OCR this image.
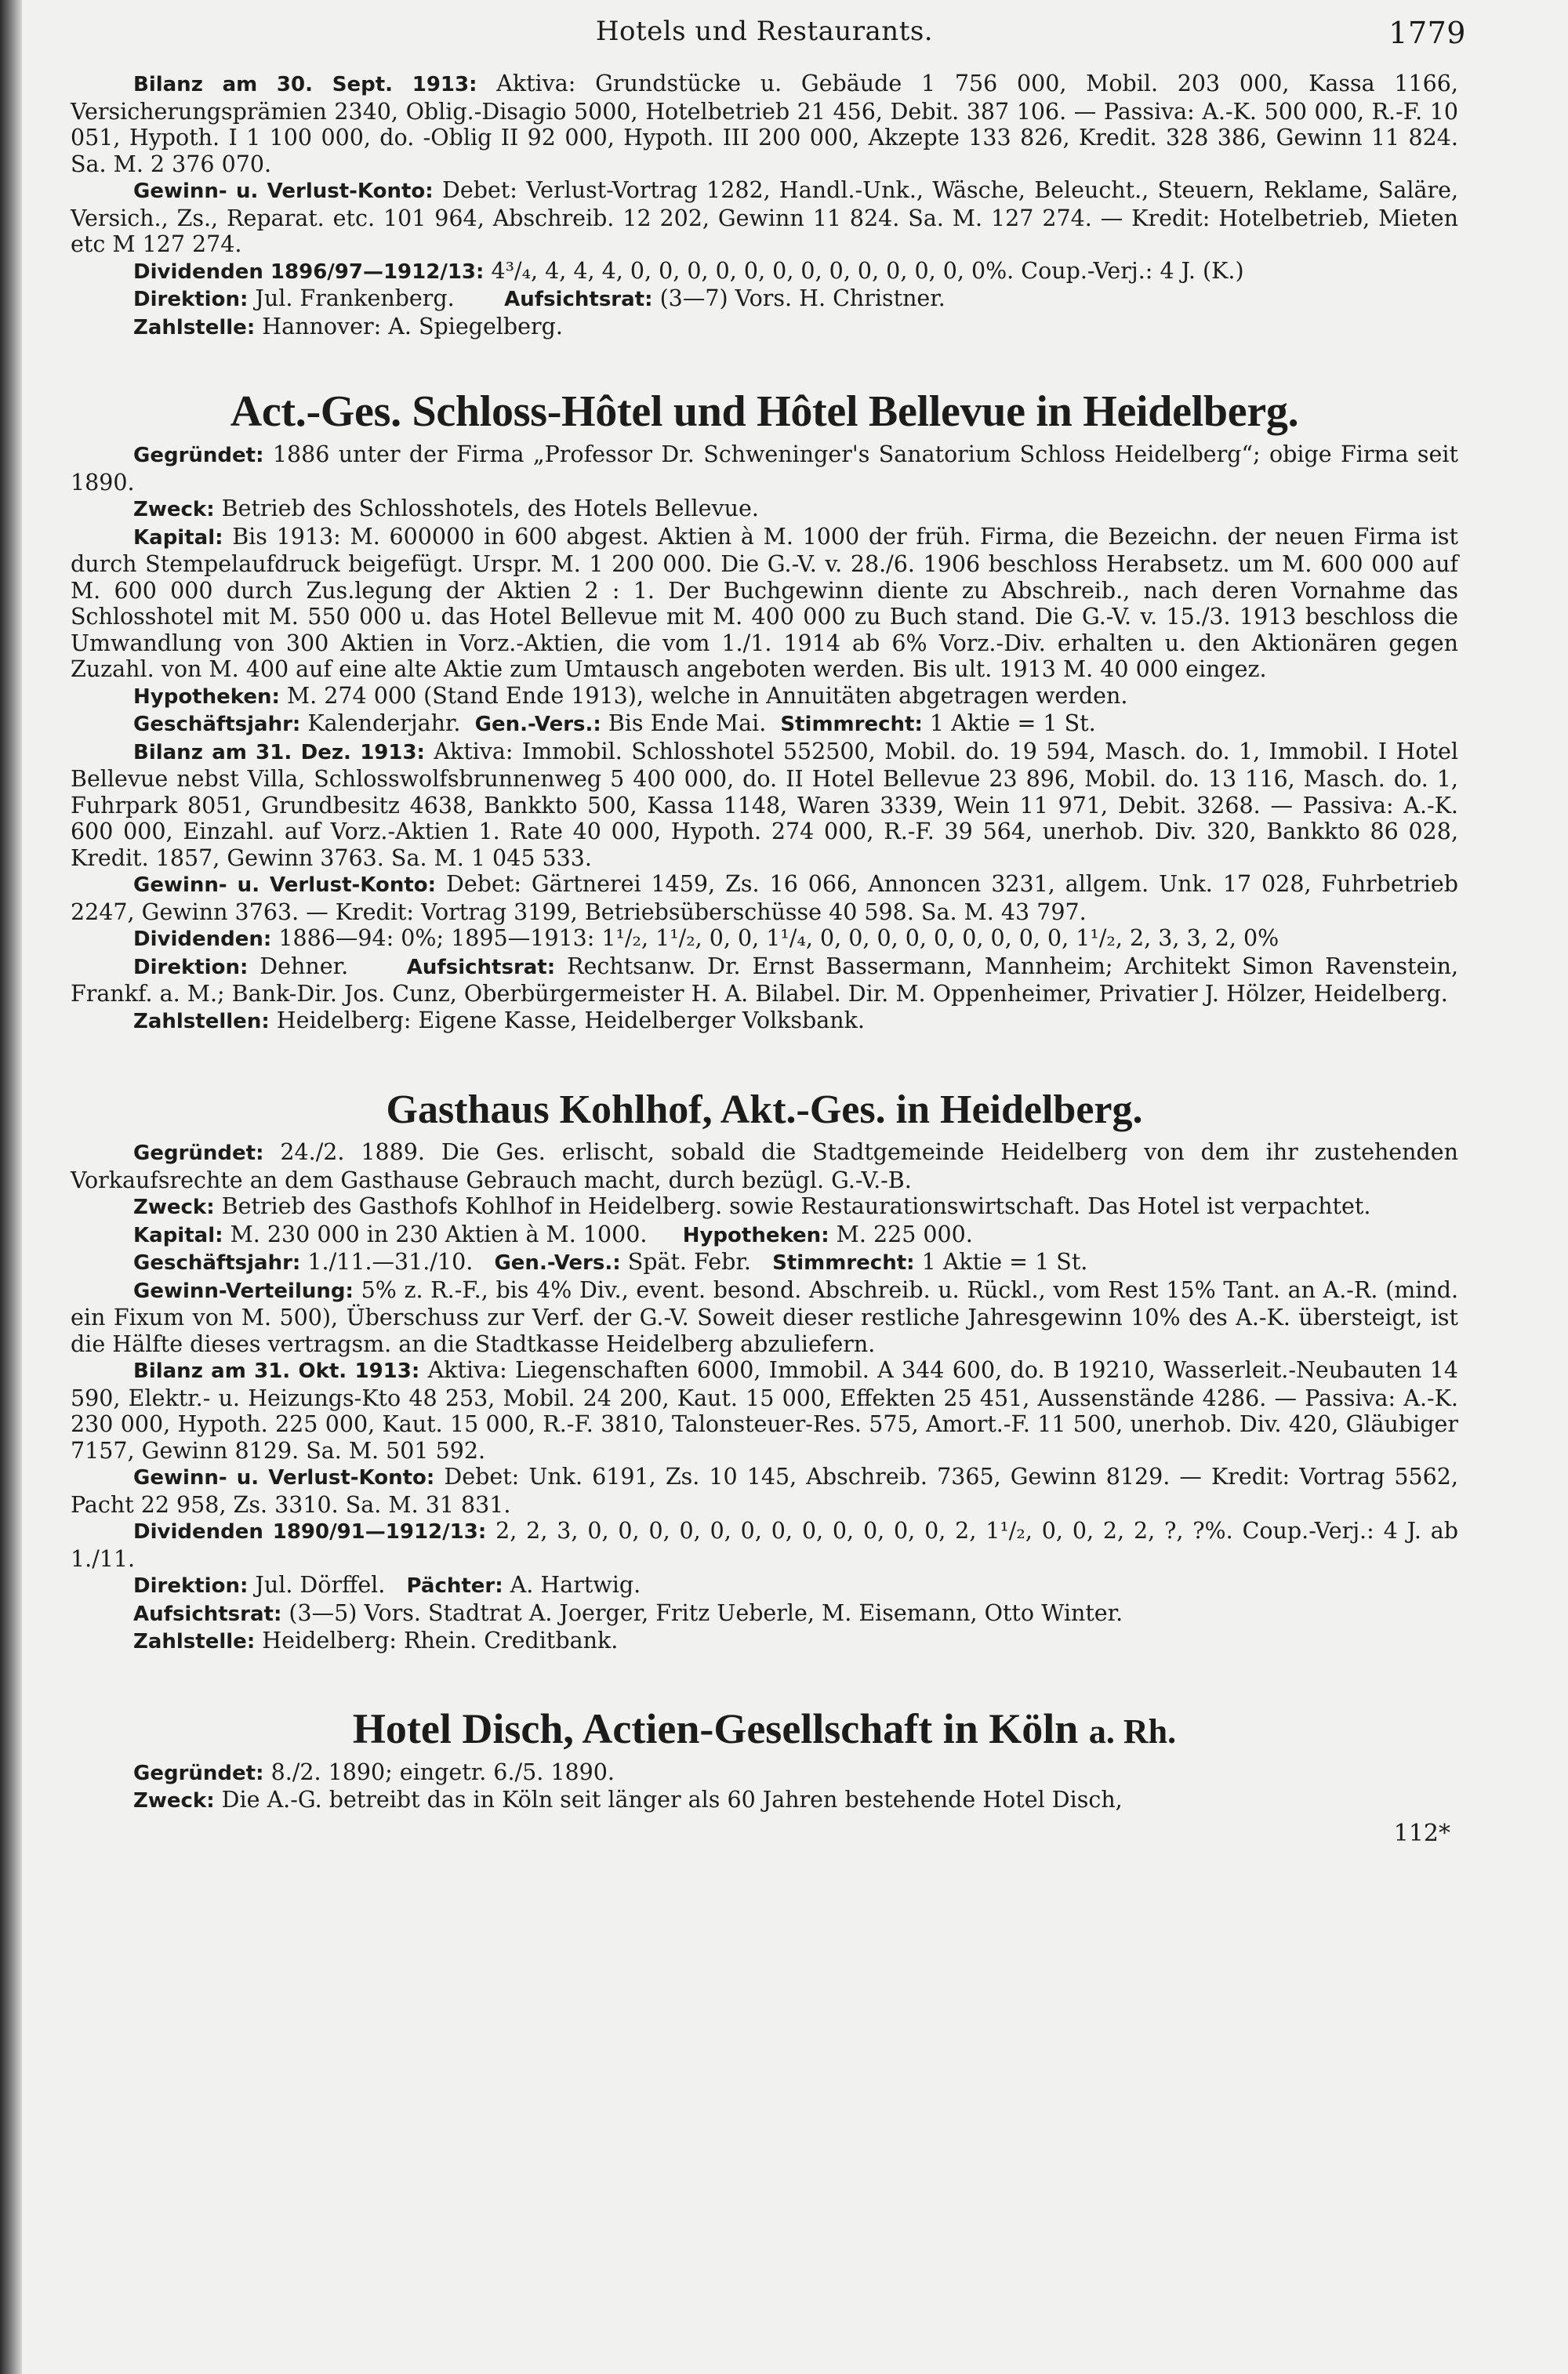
Hotels und Restaurants.	1779

Bilanz am 30. Sept. 1913: Aktiva: Grundstücke u. Gebäude 1 756 000, Mobil. 203 000, Kassa 1166, Versicherungsprämien 2340, Oblig.-Disagio 5000, Hotelbetrieb 21 456, Debit. 387 106. — Passiva: A.-K. 500 000, R.-F. 10 051, Hypoth. I 1 100 000, do. -Oblig II 92 000, Hypoth. III 200 000, Akzepte 133 826, Kredit. 328 386, Gewinn 11 824. Sa. M. 2 376 070.

Gewinn- u. Verlust-Konto: Debet: Verlust-Vortrag 1282, Handl.-Unk., Wäsche, Beleucht., Steuern, Reklame, Saläre, Versich., Zs., Reparat. etc. 101 964, Abschreib. 12 202, Gewinn 11 824. Sa. M. 127 274. — Kredit: Hotelbetrieb, Mieten etc M 127 274.

Dividenden 1896/97—1912/13: 4³/₄, 4, 4, 4, 0, 0, 0, 0, 0, 0, 0, 0, 0, 0, 0, 0, 0%. Coup.-Verj.: 4 J. (K.)

Direktion: Jul. Frankenberg. Aufsichtsrat: (3—7) Vors. H. Christner.

Zahlstelle: Hannover: A. Spiegelberg.

Act.-Ges. Schloss-Hôtel und Hôtel Bellevue in Heidelberg.

Gegründet: 1886 unter der Firma „Professor Dr. Schweninger's Sanatorium Schloss Heidelberg“; obige Firma seit 1890.

Zweck: Betrieb des Schlosshotels, des Hotels Bellevue.

Kapital: Bis 1913: M. 600000 in 600 abgest. Aktien à M. 1000 der früh. Firma, die Bezeichn. der neuen Firma ist durch Stempelaufdruck beigefügt. Urspr. M. 1 200 000. Die G.-V. v. 28./6. 1906 beschloss Herabsetz. um M. 600 000 auf M. 600 000 durch Zus.legung der Aktien 2 : 1. Der Buchgewinn diente zu Abschreib., nach deren Vornahme das Schlosshotel mit M. 550 000 u. das Hotel Bellevue mit M. 400 000 zu Buch stand. Die G.-V. v. 15./3. 1913 beschloss die Umwandlung von 300 Aktien in Vorz.-Aktien, die vom 1./1. 1914 ab 6% Vorz.-Div. erhalten u. den Aktionären gegen Zuzahl. von M. 400 auf eine alte Aktie zum Umtausch angeboten werden. Bis ult. 1913 M. 40 000 eingez.

Hypotheken: M. 274 000 (Stand Ende 1913), welche in Annuitäten abgetragen werden.

Geschäftsjahr: Kalenderjahr. Gen.-Vers.: Bis Ende Mai. Stimmrecht: 1 Aktie = 1 St.

Bilanz am 31. Dez. 1913: Aktiva: Immobil. Schlosshotel 552500, Mobil. do. 19 594, Masch. do. 1, Immobil. I Hotel Bellevue nebst Villa, Schlosswolfsbrunnenweg 5 400 000, do. II Hotel Bellevue 23 896, Mobil. do. 13 116, Masch. do. 1, Fuhrpark 8051, Grundbesitz 4638, Bankkto 500, Kassa 1148, Waren 3339, Wein 11 971, Debit. 3268. — Passiva: A.-K. 600 000, Einzahl. auf Vorz.-Aktien 1. Rate 40 000, Hypoth. 274 000, R.-F. 39 564, unerhob. Div. 320, Bankkto 86 028, Kredit. 1857, Gewinn 3763. Sa. M. 1 045 533.

Gewinn- u. Verlust-Konto: Debet: Gärtnerei 1459, Zs. 16 066, Annoncen 3231, allgem. Unk. 17 028, Fuhrbetrieb 2247, Gewinn 3763. — Kredit: Vortrag 3199, Betriebsüberschüsse 40 598. Sa. M. 43 797.

Dividenden: 1886—94: 0%; 1895—1913: 1¹/₂, 1¹/₂, 0, 0, 1¹/₄, 0, 0, 0, 0, 0, 0, 0, 0, 0, 1¹/₂, 2, 3, 3, 2, 0%

Direktion: Dehner.	Aufsichtsrat: Rechtsanw. Dr. Ernst Bassermann, Mannheim; Architekt Simon Ravenstein, Frankf. a. M.; Bank-Dir. Jos. Cunz, Oberbürgermeister H. A. Bilabel. Dir. M. Oppenheimer, Privatier J. Hölzer, Heidelberg.

Zahlstellen: Heidelberg: Eigene Kasse, Heidelberger Volksbank.

Gasthaus Kohlhof, Akt.-Ges. in Heidelberg.

Gegründet: 24./2. 1889. Die Ges. erlischt, sobald die Stadtgemeinde Heidelberg von dem ihr zustehenden Vorkaufsrechte an dem Gasthause Gebrauch macht, durch bezügl. G.-V.-B.

Zweck: Betrieb des Gasthofs Kohlhof in Heidelberg. sowie Restaurationswirtschaft. Das Hotel ist verpachtet.

Kapital: M. 230 000 in 230 Aktien à M. 1000. Hypotheken: M. 225 000.

Geschäftsjahr: 1./11.—31./10. Gen.-Vers.: Spät. Febr. Stimmrecht: 1 Aktie = 1 St.

Gewinn-Verteilung: 5% z. R.-F., bis 4% Div., event. besond. Abschreib. u. Rückl., vom Rest 15% Tant. an A.-R. (mind. ein Fixum von M. 500), Überschuss zur Verf. der G.-V. Soweit dieser restliche Jahresgewinn 10% des A.-K. übersteigt, ist die Hälfte dieses vertragsm. an die Stadtkasse Heidelberg abzuliefern.

Bilanz am 31. Okt. 1913: Aktiva: Liegenschaften 6000, Immobil. A 344 600, do. B 19210, Wasserleit.-Neubauten 14 590, Elektr.- u. Heizungs-Kto 48 253, Mobil. 24 200, Kaut. 15 000, Effekten 25 451, Aussenstände 4286. — Passiva: A.-K. 230 000, Hypoth. 225 000, Kaut. 15 000, R.-F. 3810, Talonsteuer-Res. 575, Amort.-F. 11 500, unerhob. Div. 420, Gläubiger 7157, Gewinn 8129. Sa. M. 501 592.

Gewinn- u. Verlust-Konto: Debet: Unk. 6191, Zs. 10 145, Abschreib. 7365, Gewinn 8129. — Kredit: Vortrag 5562, Pacht 22 958, Zs. 3310. Sa. M. 31 831.

Dividenden 1890/91—1912/13: 2, 2, 3, 0, 0, 0, 0, 0, 0, 0, 0, 0, 0, 0, 0, 2, 1¹/₂, 0, 0, 2, 2, ?, ?%. Coup.-Verj.: 4 J. ab 1./11.

Direktion: Jul. Dörffel. Pächter: A. Hartwig.

Aufsichtsrat: (3—5) Vors. Stadtrat A. Joerger, Fritz Ueberle, M. Eisemann, Otto Winter.

Zahlstelle: Heidelberg: Rhein. Creditbank.

Hotel Disch, Actien-Gesellschaft in Köln a. Rh.

Gegründet: 8./2. 1890; eingetr. 6./5. 1890.

Zweck: Die A.-G. betreibt das in Köln seit länger als 60 Jahren bestehende Hotel Disch,

112*
